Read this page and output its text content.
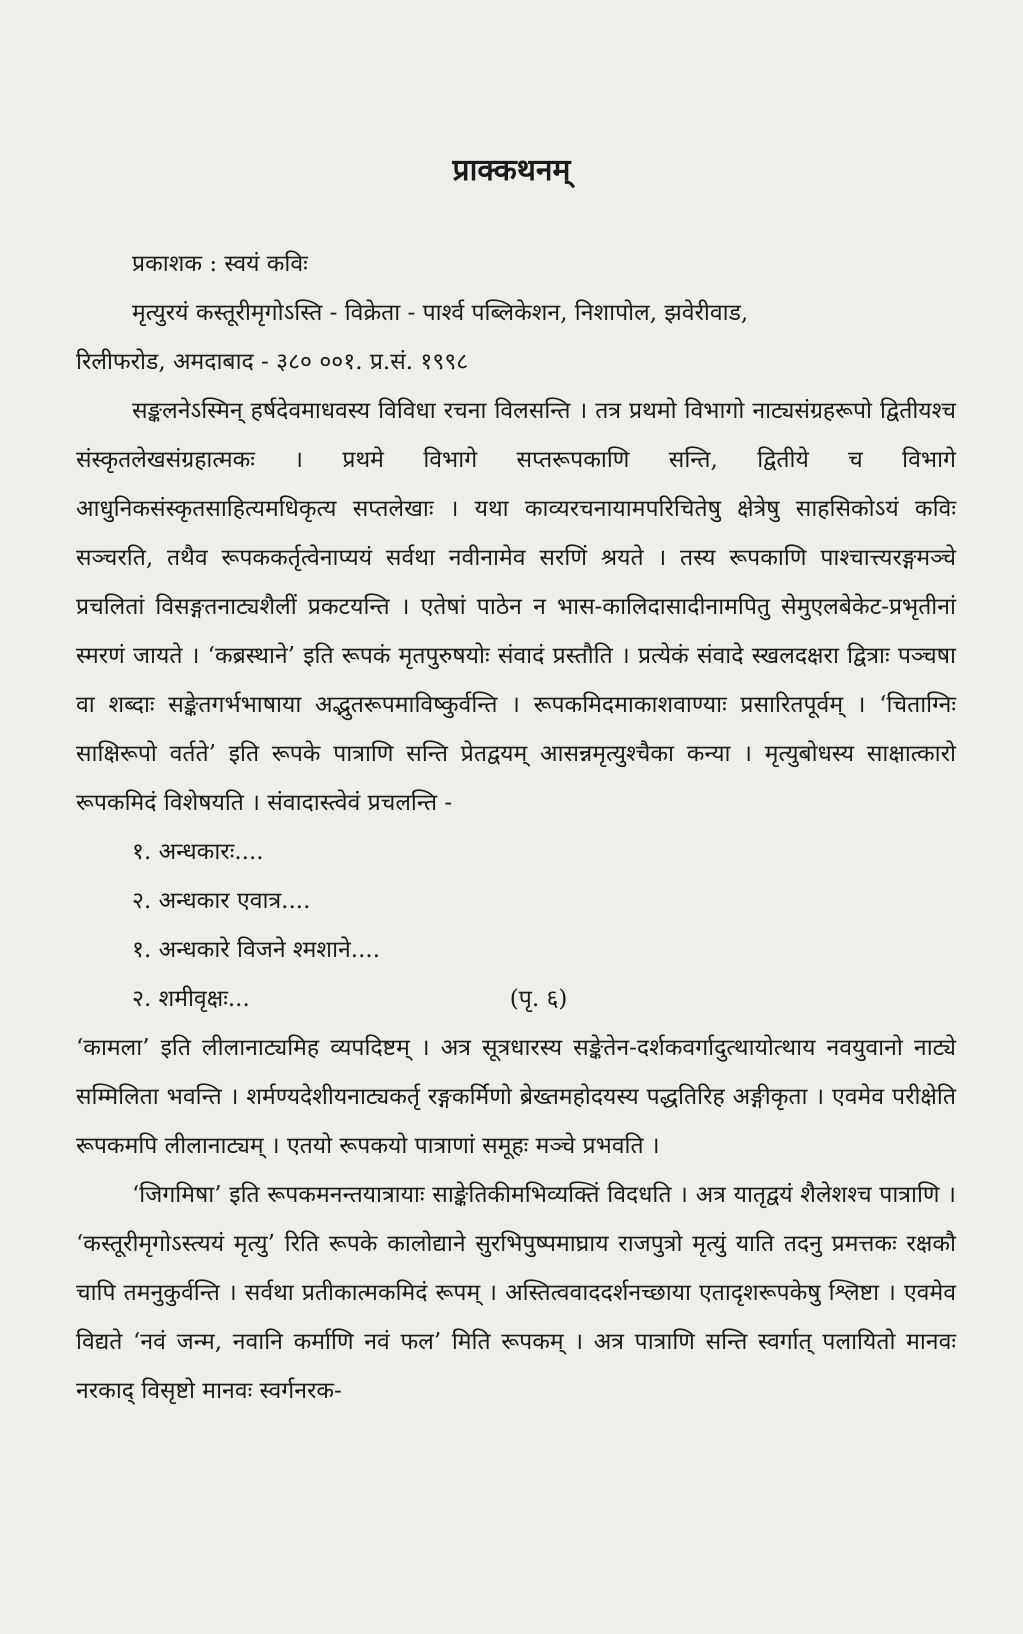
प्राक्कथनम्

प्रकाशक : स्वयं कविः

मृत्युरयं कस्तूरीमृगोऽस्ति - विक्रेता - पार्श्व पब्लिकेशन, निशापोल, झवेरीवाड,

रिलीफरोड, अमदाबाद - ३८० ००१. प्र.सं. १९९८

सङ्कलनेऽस्मिन् हर्षदेवमाधवस्य विविधा रचना विलसन्ति । तत्र प्रथमो विभागो नाट्यसंग्रहरूपो द्वितीयश्च संस्कृतलेखसंग्रहात्मकः । प्रथमे विभागे सप्तरूपकाणि सन्ति, द्वितीये च विभागे आधुनिकसंस्कृतसाहित्यमधिकृत्य सप्तलेखाः । यथा काव्यरचनायामपरिचितेषु क्षेत्रेषु साहसिकोऽयं कविः सञ्चरति, तथैव रूपककर्तृत्वेनाप्ययं सर्वथा नवीनामेव सरणिं श्रयते । तस्य रूपकाणि पाश्चात्त्यरङ्गमञ्चे प्रचलितां विसङ्गतनाट्यशैलीं प्रकटयन्ति । एतेषां पाठेन न भास-कालिदासादीनामपितु सेमुएलबेकेट-प्रभृतीनां स्मरणं जायते । ‘कब्रस्थाने’ इति रूपकं मृतपुरुषयोः संवादं प्रस्तौति । प्रत्येकं संवादे स्खलदक्षरा द्वित्राः पञ्चषा वा शब्दाः सङ्केतगर्भभाषाया अद्भुतरूपमाविष्कुर्वन्ति । रूपकमिदमाकाशवाण्याः प्रसारितपूर्वम् । ‘चिताग्निः साक्षिरूपो वर्तते’ इति रूपके पात्राणि सन्ति प्रेतद्वयम् आसन्नमृत्युश्चैका कन्या । मृत्युबोधस्य साक्षात्कारो रूपकमिदं विशेषयति । संवादास्त्वेवं प्रचलन्ति -

१. अन्धकारः....
२. अन्धकार एवात्र....
१. अन्धकारे विजने श्मशाने....
२. शमीवृक्षः...	(पृ. ६)

‘कामला’ इति लीलानाट्यमिह व्यपदिष्टम् । अत्र सूत्रधारस्य सङ्केतेन-दर्शकवर्गादुत्थायोत्थाय नवयुवानो नाट्ये सम्मिलिता भवन्ति । शर्मण्यदेशीयनाट्यकर्तृ रङ्गकर्मिणो ब्रेख्तमहोदयस्य पद्धतिरिह अङ्गीकृता । एवमेव परीक्षेति रूपकमपि लीलानाट्यम् । एतयो रूपकयो पात्राणां समूहः मञ्चे प्रभवति ।

‘जिगमिषा’ इति रूपकमनन्तयात्रायाः साङ्केतिकीमभिव्यक्तिं विदधति । अत्र यातृद्वयं शैलेशश्च पात्राणि । ‘कस्तूरीमृगोऽस्त्ययं मृत्यु’ रिति रूपके कालोद्याने सुरभिपुष्पमाघ्राय राजपुत्रो मृत्युं याति तदनु प्रमत्तकः रक्षकौ चापि तमनुकुर्वन्ति । सर्वथा प्रतीकात्मकमिदं रूपम् । अस्तित्ववाददर्शनच्छाया एतादृशरूपकेषु श्लिष्टा । एवमेव विद्यते ‘नवं जन्म, नवानि कर्माणि नवं फल’ मिति रूपकम् । अत्र पात्राणि सन्ति स्वर्गात् पलायितो मानवः नरकाद् विसृष्टो मानवः स्वर्गनरक-
